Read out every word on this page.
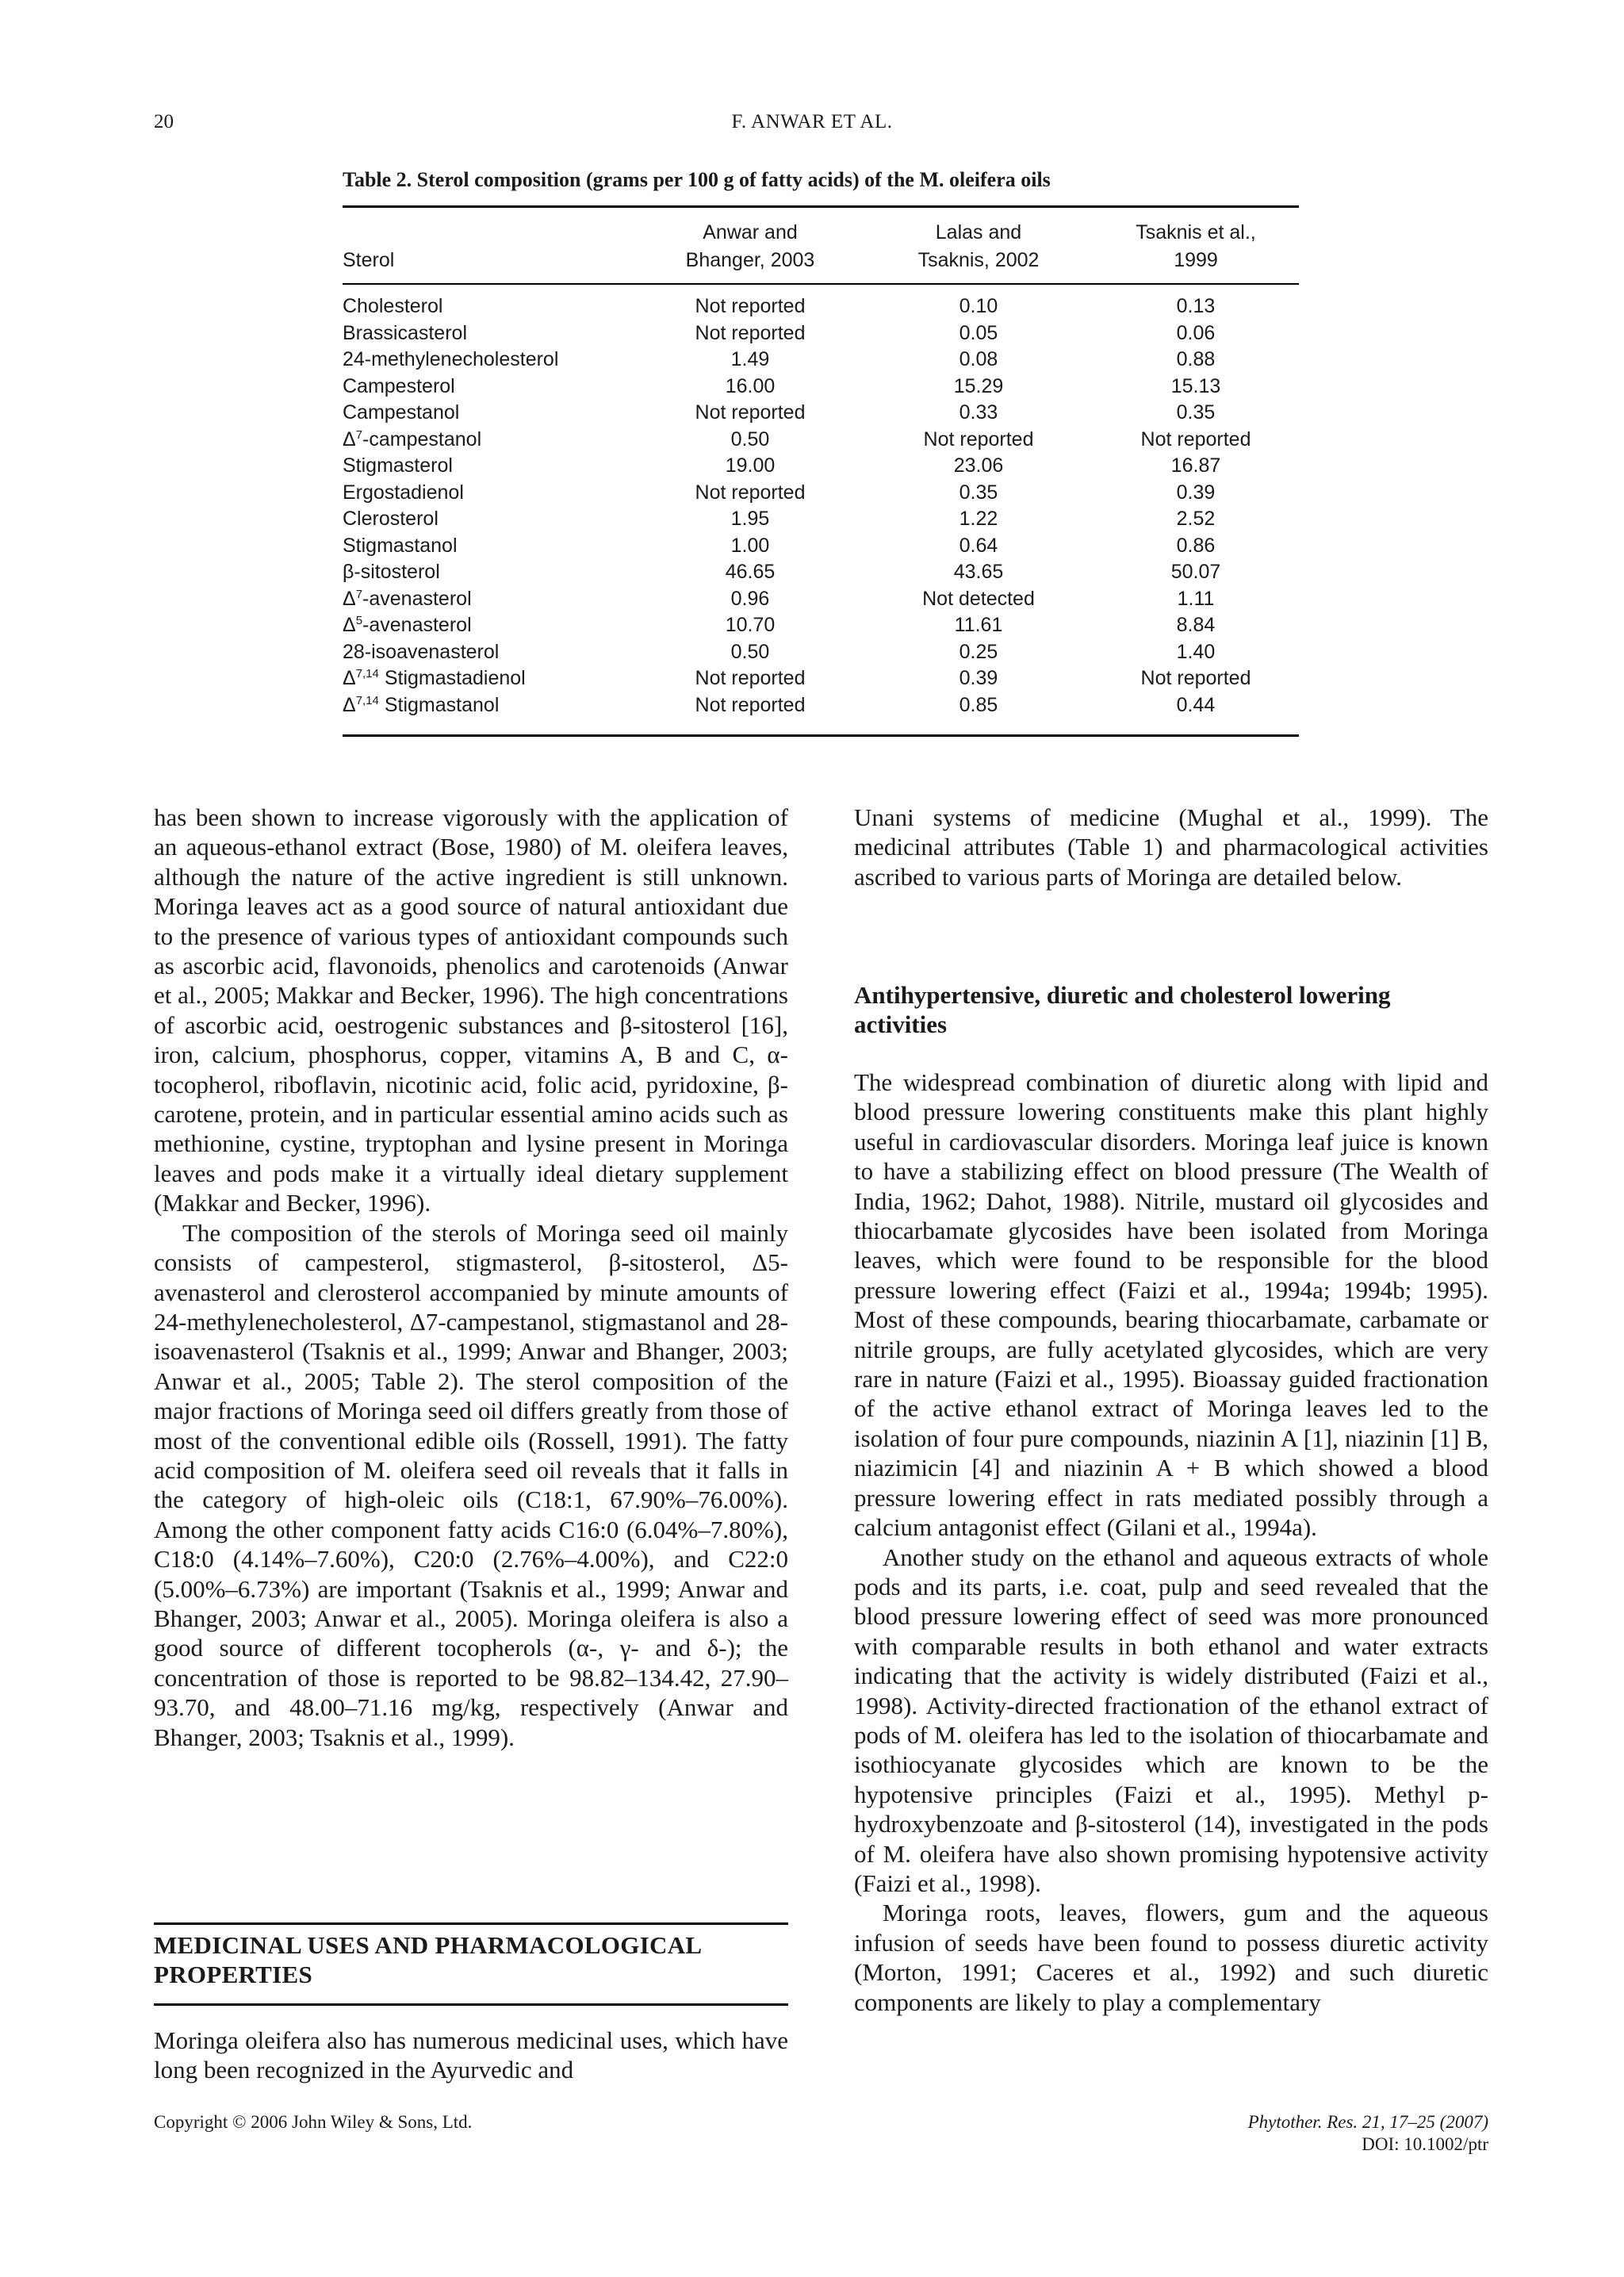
20	F. ANWAR ET AL.
Table 2. Sterol composition (grams per 100 g of fatty acids) of the M. oleifera oils
	Anwar and	Lalas and	Tsaknis et al.,
Sterol	Bhanger, 2003	Tsaknis, 2002	1999

Cholesterol	Not reported	0.10	0.13
Brassicasterol	Not reported	0.05	0.06
24-methylenecholesterol	1.49	0.08	0.88
Campesterol	16.00	15.29	15.13
Campestanol	Not reported	0.33	0.35
$\Delta^7$-campestanol	0.50	Not reported	Not reported
Stigmasterol	19.00	23.06	16.87
Ergostadienol	Not reported	0.35	0.39
Clerosterol	1.95	1.22	2.52
Stigmastanol	1.00	0.64	0.86
β-sitosterol	46.65	43.65	50.07
$\Delta^7$-avenasterol	0.96	Not detected	1.11
$\Delta^5$-avenasterol	10.70	11.61	8.84
28-isoavenasterol	0.50	0.25	1.40
Δ$^{7,14}$ Stigmastadienol	Not reported	0.39	Not reported
Δ$^{7,14}$ Stigmastanol	Not reported	0.85	0.44

has been shown to increase vigorously with the application of an aqueous-ethanol extract (Bose, 1980) of M. oleifera leaves, although the nature of the active ingredient is still unknown. Moringa leaves act as a good source of natural antioxidant due to the presence of various types of antioxidant compounds such as ascorbic acid, flavonoids, phenolics and carotenoids (Anwar et al., 2005; Makkar and Becker, 1996). The high concentrations of ascorbic acid, oestrogenic substances and β-sitosterol [16], iron, calcium, phosphorus, copper, vitamins A, B and C, α-tocopherol, riboflavin, nicotinic acid, folic acid, pyridoxine, β-carotene, protein, and in particular essential amino acids such as methionine, cystine, tryptophan and lysine present in Moringa leaves and pods make it a virtually ideal dietary supplement (Makkar and Becker, 1996).

The composition of the sterols of Moringa seed oil mainly consists of campesterol, stigmasterol, β-sitosterol, Δ5-avenasterol and clerosterol accompanied by minute amounts of 24-methylenecholesterol, Δ7-campestanol, stigmastanol and 28-isoavenasterol (Tsaknis et al., 1999; Anwar and Bhanger, 2003; Anwar et al., 2005; Table 2). The sterol composition of the major fractions of Moringa seed oil differs greatly from those of most of the conventional edible oils (Rossell, 1991). The fatty acid composition of M. oleifera seed oil reveals that it falls in the category of high-oleic oils (C18:1, 67.90%–76.00%). Among the other component fatty acids C16:0 (6.04%–7.80%), C18:0 (4.14%–7.60%), C20:0 (2.76%–4.00%), and C22:0 (5.00%–6.73%) are important (Tsaknis et al., 1999; Anwar and Bhanger, 2003; Anwar et al., 2005). Moringa oleifera is also a good source of different tocopherols (α-, γ- and δ-); the concentration of those is reported to be 98.82–134.42, 27.90–93.70, and 48.00–71.16 mg/kg, respectively (Anwar and Bhanger, 2003; Tsaknis et al., 1999).

MEDICINAL USES AND PHARMACOLOGICAL PROPERTIES

Moringa oleifera also has numerous medicinal uses, which have long been recognized in the Ayurvedic and

Unani systems of medicine (Mughal et al., 1999). The medicinal attributes (Table 1) and pharmacological activities ascribed to various parts of Moringa are detailed below.

Antihypertensive, diuretic and cholesterol lowering activities

The widespread combination of diuretic along with lipid and blood pressure lowering constituents make this plant highly useful in cardiovascular disorders. Moringa leaf juice is known to have a stabilizing effect on blood pressure (The Wealth of India, 1962; Dahot, 1988). Nitrile, mustard oil glycosides and thiocarbamate glycosides have been isolated from Moringa leaves, which were found to be responsible for the blood pressure lowering effect (Faizi et al., 1994a; 1994b; 1995). Most of these compounds, bearing thiocarbamate, carbamate or nitrile groups, are fully acetylated glycosides, which are very rare in nature (Faizi et al., 1995). Bioassay guided fractionation of the active ethanol extract of Moringa leaves led to the isolation of four pure compounds, niazinin A [1], niazinin [1] B, niazimicin [4] and niazinin A + B which showed a blood pressure lowering effect in rats mediated possibly through a calcium antagonist effect (Gilani et al., 1994a).

Another study on the ethanol and aqueous extracts of whole pods and its parts, i.e. coat, pulp and seed revealed that the blood pressure lowering effect of seed was more pronounced with comparable results in both ethanol and water extracts indicating that the activity is widely distributed (Faizi et al., 1998). Activity-directed fractionation of the ethanol extract of pods of M. oleifera has led to the isolation of thiocarbamate and isothiocyanate glycosides which are known to be the hypotensive principles (Faizi et al., 1995). Methyl p-hydroxybenzoate and β-sitosterol (14), investigated in the pods of M. oleifera have also shown promising hypotensive activity (Faizi et al., 1998).

Moringa roots, leaves, flowers, gum and the aqueous infusion of seeds have been found to possess diuretic activity (Morton, 1991; Caceres et al., 1992) and such diuretic components are likely to play a complementary

Copyright © 2006 John Wiley & Sons, Ltd.	Phytother. Res. 21, 17–25 (2007)
DOI: 10.1002/ptr
